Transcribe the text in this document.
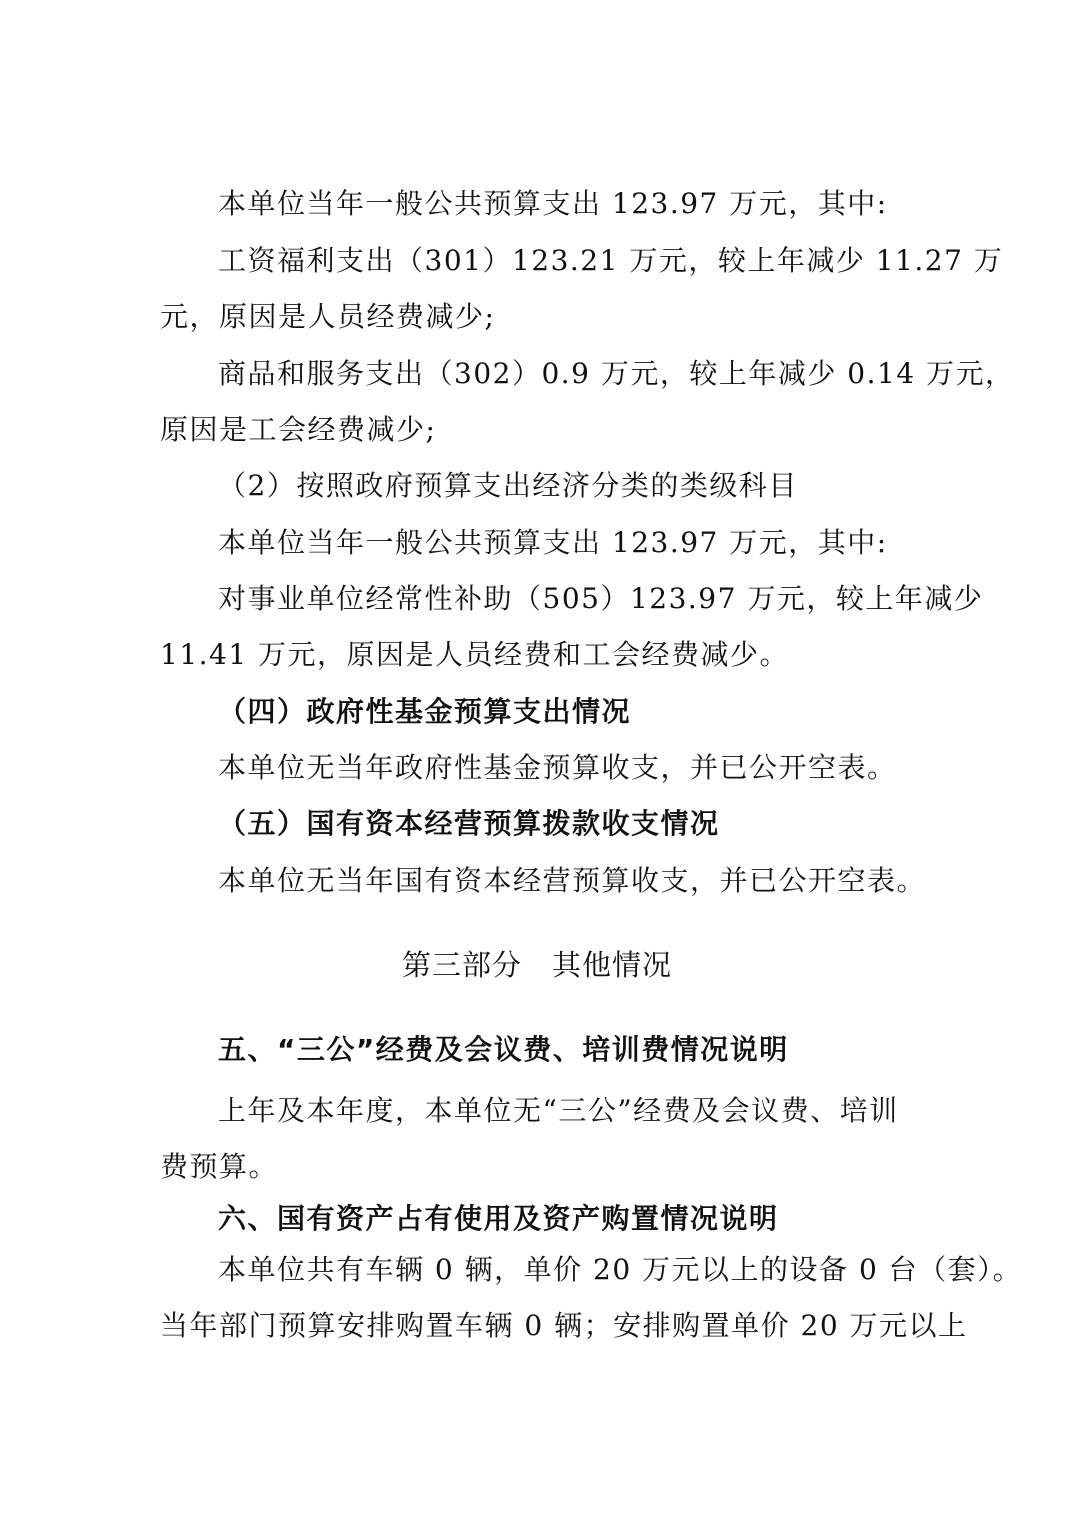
本单位当年一般公共预算支出 123.97 万元，其中:
工资福利支出（301）123.21 万元，较上年减少 11.27 万
元，原因是人员经费减少;
商品和服务支出（302）0.9 万元，较上年减少 0.14 万元，
原因是工会经费减少;
（2）按照政府预算支出经济分类的类级科目
本单位当年一般公共预算支出 123.97 万元，其中:
对事业单位经常性补助（505）123.97 万元，较上年减少
11.41 万元，原因是人员经费和工会经费减少。
（四）政府性基金预算支出情况
本单位无当年政府性基金预算收支，并已公开空表。
（五）国有资本经营预算拨款收支情况
本单位无当年国有资本经营预算收支，并已公开空表。
第三部分　其他情况
五、“三公”经费及会议费、培训费情况说明
上年及本年度，本单位无“三公”经费及会议费、培训
费预算。
六、国有资产占有使用及资产购置情况说明
本单位共有车辆 0 辆，单价 20 万元以上的设备 0 台（套）。
当年部门预算安排购置车辆 0 辆；安排购置单价 20 万元以上
